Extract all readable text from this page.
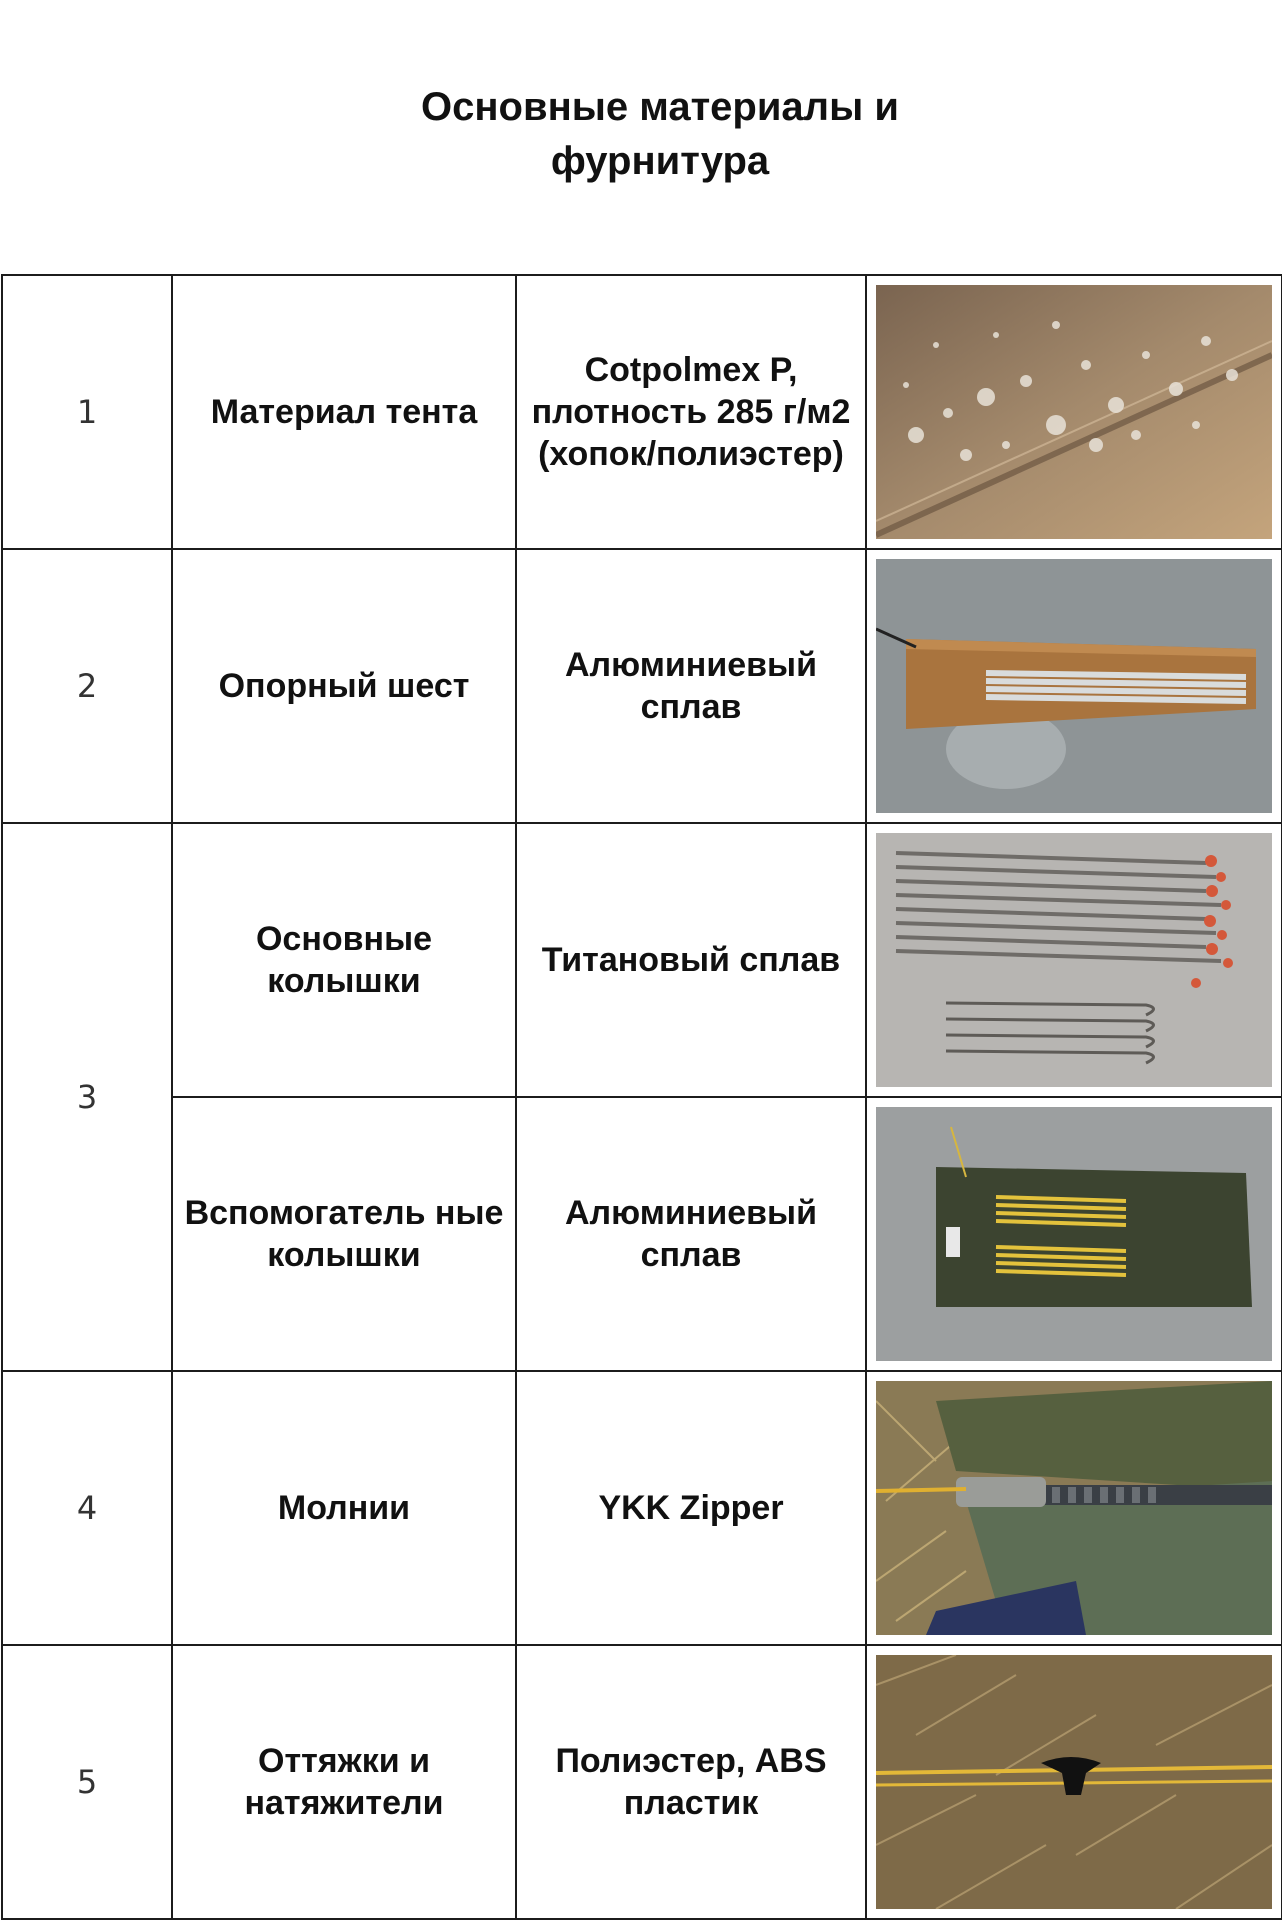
Основные материалы и
фурнитура
1	Материал тента	Cotpolmex P, плотность 285 г/м2 (хопок/полиэстер)

2	Опорный шест	Алюминиевый сплав

3	Основные колышки	Титановый сплав

	Вспомогатель ные колышки	Алюминиевый сплав

4	Молнии	YKK Zipper

5	Оттяжки и натяжители	Полиэстер, ABS пластик
